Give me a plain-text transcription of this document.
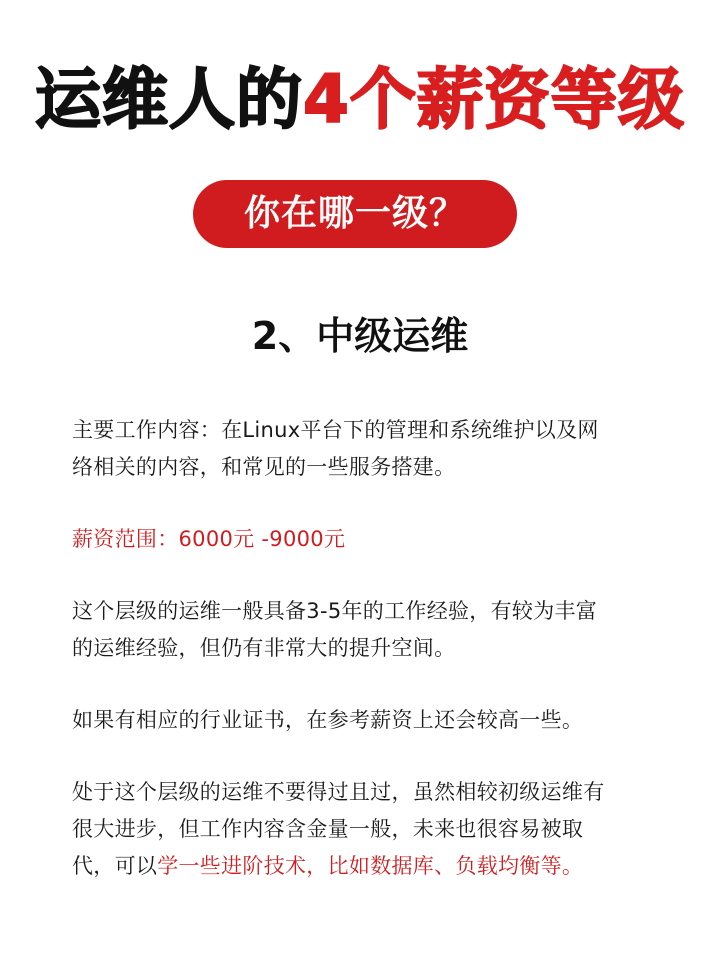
运维人的4个薪资等级
你在哪一级？
2、中级运维

主要工作内容：在Linux平台下的管理和系统维护以及网
络相关的内容，和常见的一些服务搭建。

薪资范围：6000元 -9000元

这个层级的运维一般具备3-5年的工作经验，有较为丰富
的运维经验，但仍有非常大的提升空间。

如果有相应的行业证书，在参考薪资上还会较高一些。

处于这个层级的运维不要得过且过，虽然相较初级运维有
很大进步，但工作内容含金量一般，未来也很容易被取
代，可以学一些进阶技术，比如数据库、负载均衡等。
